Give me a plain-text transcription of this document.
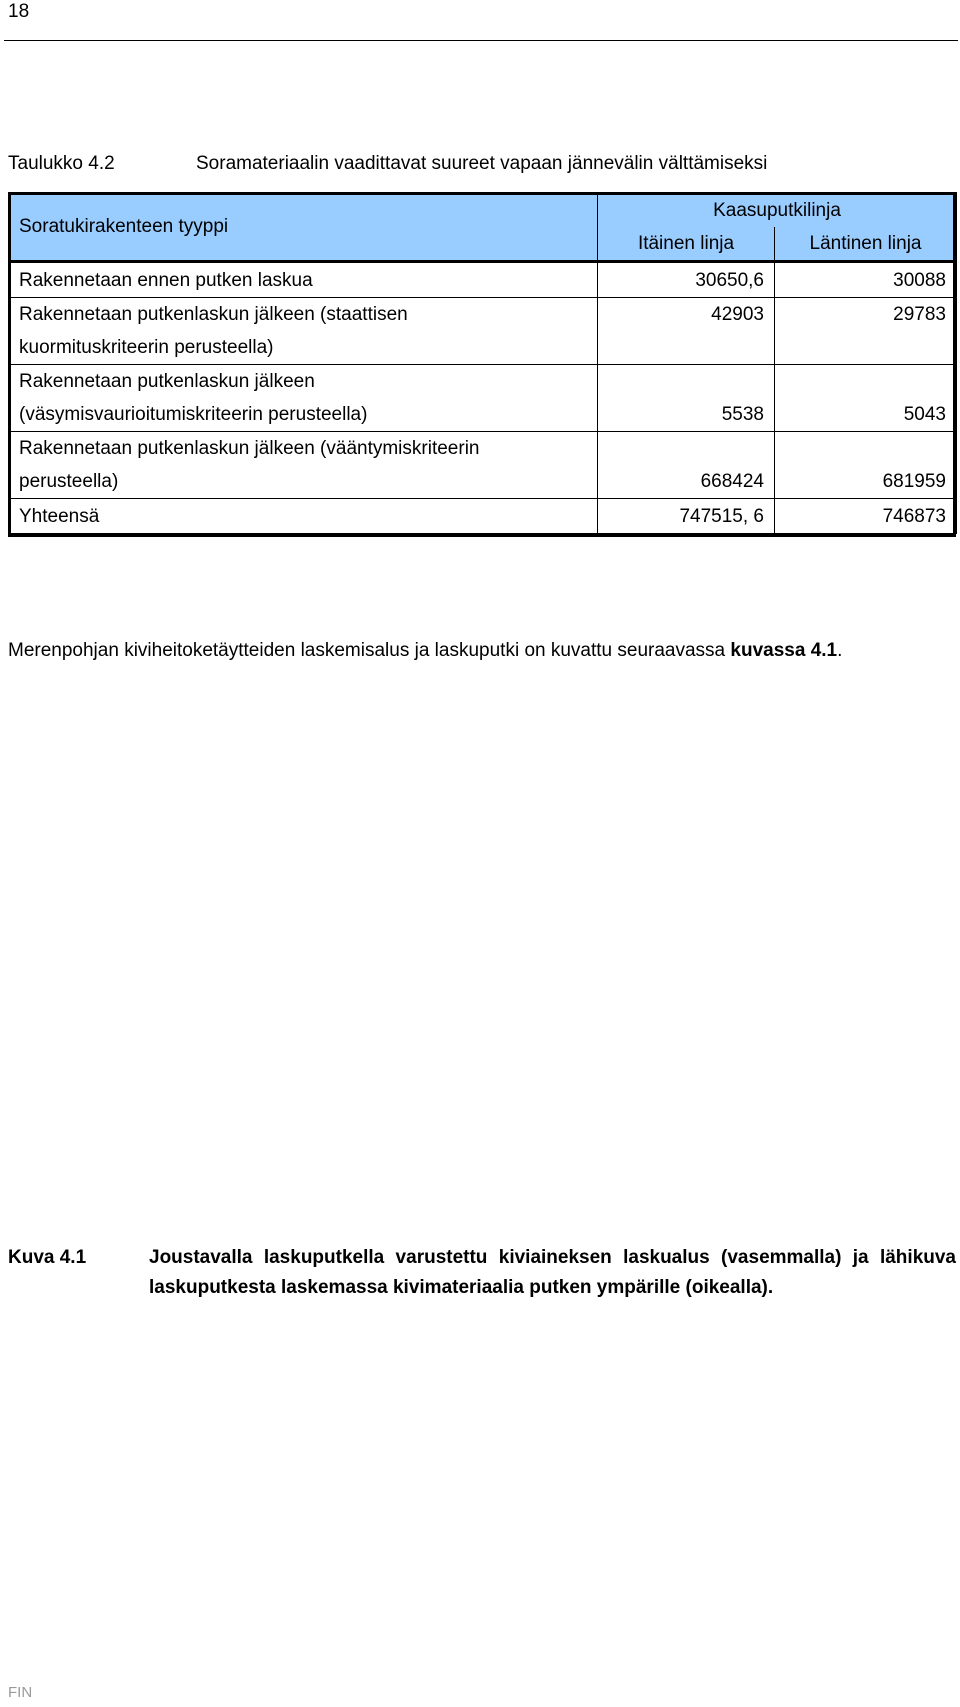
18
Taulukko 4.2	Soramateriaalin vaadittavat suureet vapaan jännevälin välttämiseksi
Soratukirakenteen tyyppi	Kaasuputkilinja	
	Itäinen linja	Läntinen linja
Rakennetaan ennen putken laskua	30650,6	30088
Rakennetaan putkenlaskun jälkeen (staattisen
kuormituskriteerin perusteella)	42903	29783
Rakennetaan putkenlaskun jälkeen
(väsymisvaurioitumiskriteerin perusteella)	5538	5043
Rakennetaan putkenlaskun jälkeen (vääntymiskriteerin
perusteella)	668424	681959
Yhteensä	747515, 6	746873
Merenpohjan kiviheitoketäytteiden laskemisalus ja laskuputki on kuvattu seuraavassa kuvassa 4.1.
Kuva 4.1	Joustavalla laskuputkella varustettu kiviaineksen laskualus (vasemmalla) ja lähikuva laskuputkesta laskemassa kivimateriaalia putken ympärille (oikealla).
FIN
